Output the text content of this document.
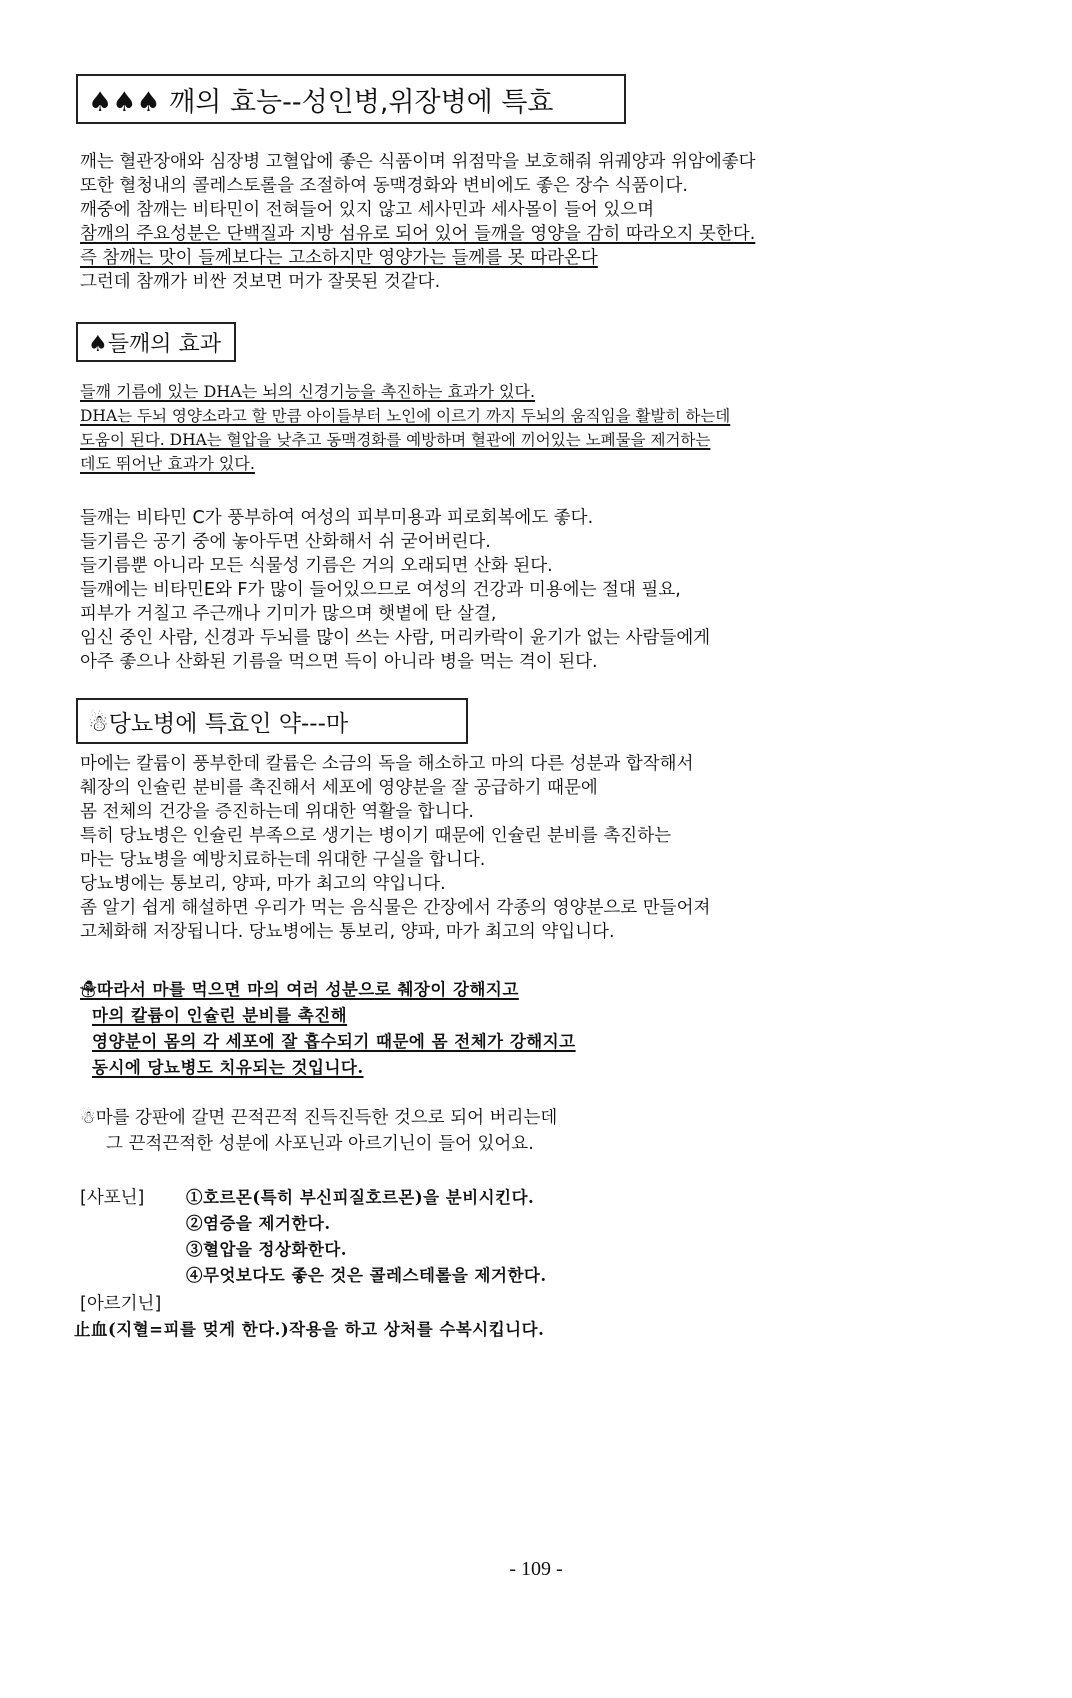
♠♠♠ 깨의 효능--성인병,위장병에 특효
깨는 혈관장애와 심장병 고혈압에 좋은 식품이며 위점막을 보호해줘 위궤양과 위암에좋다
또한 혈청내의 콜레스토롤을 조절하여 동맥경화와 변비에도 좋은 장수 식품이다.
깨중에 참깨는 비타민이 전혀들어 있지 않고 세사민과 세사몰이 들어 있으며
참깨의 주요성분은 단백질과 지방 섬유로 되어 있어 들깨을 영양을 감히 따라오지 못한다.
즉 참깨는 맛이 들께보다는 고소하지만 영양가는 들께를 못 따라온다
그런데 참깨가 비싼 것보면 머가 잘못된 것같다.
♠들깨의 효과
들깨 기름에 있는 DHA는 뇌의 신경기능을 촉진하는 효과가 있다.
DHA는 두뇌 영양소라고 할 만큼 아이들부터 노인에 이르기 까지 두뇌의 움직임을 활발히 하는데
도움이 된다. DHA는 혈압을 낮추고 동맥경화를 예방하며 혈관에 끼어있는 노폐물을 제거하는
데도 뛰어난 효과가 있다.
들깨는 비타민 C가 풍부하여 여성의 피부미용과 피로회복에도 좋다.
들기름은 공기 중에 놓아두면 산화해서 쉬 굳어버린다.
들기름뿐 아니라 모든 식물성 기름은 거의 오래되면 산화 된다.
들깨에는 비타민E와 F가 많이 들어있으므로 여성의 건강과 미용에는 절대 필요,
피부가 거칠고 주근깨나 기미가 많으며 햇볕에 탄 살결,
임신 중인 사람, 신경과 두뇌를 많이 쓰는 사람, 머리카락이 윤기가 없는 사람들에게
아주 좋으나 산화된 기름을 먹으면 득이 아니라 병을 먹는 격이 된다.
☃당뇨병에 특효인 약---마
마에는 칼륨이 풍부한데 칼륨은 소금의 독을 해소하고 마의 다른 성분과 합작해서
췌장의 인슐린 분비를 촉진해서 세포에 영양분을 잘 공급하기 때문에
몸 전체의 건강을 증진하는데 위대한 역활을 합니다.
특히 당뇨병은 인슐린 부족으로 생기는 병이기 때문에 인슐린 분비를 촉진하는
마는 당뇨병을 예방치료하는데 위대한 구실을 합니다.
당뇨병에는 통보리, 양파, 마가 최고의 약입니다.
좀 알기 쉽게 해설하면 우리가 먹는 음식물은 간장에서 각종의 영양분으로 만들어져
고체화해 저장됩니다. 당뇨병에는 통보리, 양파, 마가 최고의 약입니다.
☃따라서 마를 먹으면 마의 여러 성분으로 췌장이 강해지고
마의 칼륨이 인슐린 분비를 촉진해
영양분이 몸의 각 세포에 잘 흡수되기 때문에 몸 전체가 강해지고
동시에 당뇨병도 치유되는 것입니다.
☃마를 강판에 갈면 끈적끈적 진득진득한 것으로 되어 버리는데
그 끈적끈적한 성분에 사포닌과 아르기닌이 들어 있어요.
[사포닌]	①호르몬(특히 부신피질호르몬)을 분비시킨다.
②염증을 제거한다.
③혈압을 정상화한다.
④무엇보다도 좋은 것은 콜레스테롤을 제거한다.
[아르기닌]
止血(지혈=피를 멎게 한다.)작용을 하고 상처를 수복시킵니다.
- 109 -
